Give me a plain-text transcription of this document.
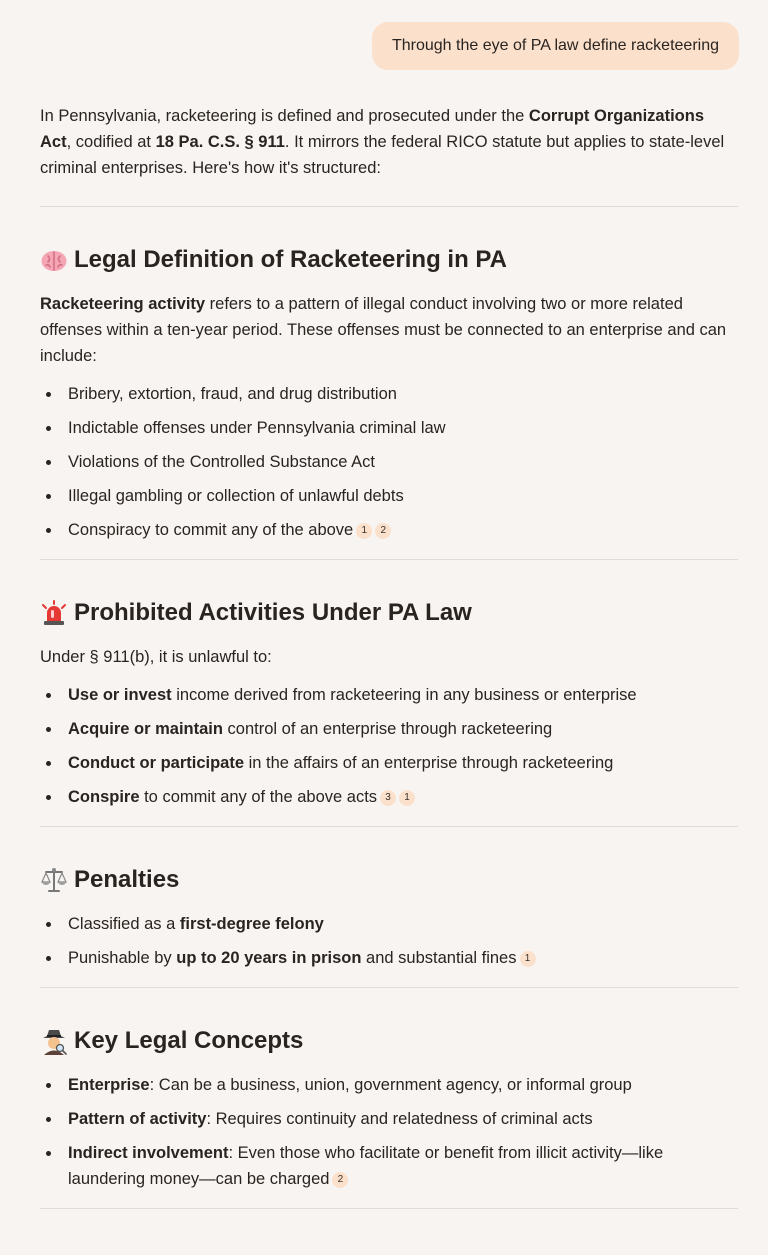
Through the eye of PA law define racketeering

In Pennsylvania, racketeering is defined and prosecuted under the Corrupt Organizations Act, codified at 18 Pa. C.S. § 911. It mirrors the federal RICO statute but applies to state-level criminal enterprises. Here's how it's structured:

Legal Definition of Racketeering in PA

Racketeering activity refers to a pattern of illegal conduct involving two or more related offenses within a ten-year period. These offenses must be connected to an enterprise and can include:

Bribery, extortion, fraud, and drug distribution
Indictable offenses under Pennsylvania criminal law
Violations of the Controlled Substance Act
Illegal gambling or collection of unlawful debts
Conspiracy to commit any of the above 1 2
Prohibited Activities Under PA Law

Under § 911(b), it is unlawful to:

Use or invest income derived from racketeering in any business or enterprise
Acquire or maintain control of an enterprise through racketeering
Conduct or participate in the affairs of an enterprise through racketeering
Conspire to commit any of the above acts 3 1
Penalties
Classified as a first-degree felony
Punishable by up to 20 years in prison and substantial fines 1
Key Legal Concepts
Enterprise: Can be a business, union, government agency, or informal group
Pattern of activity: Requires continuity and relatedness of criminal acts
Indirect involvement: Even those who facilitate or benefit from illicit activity—like laundering money—can be charged 2
